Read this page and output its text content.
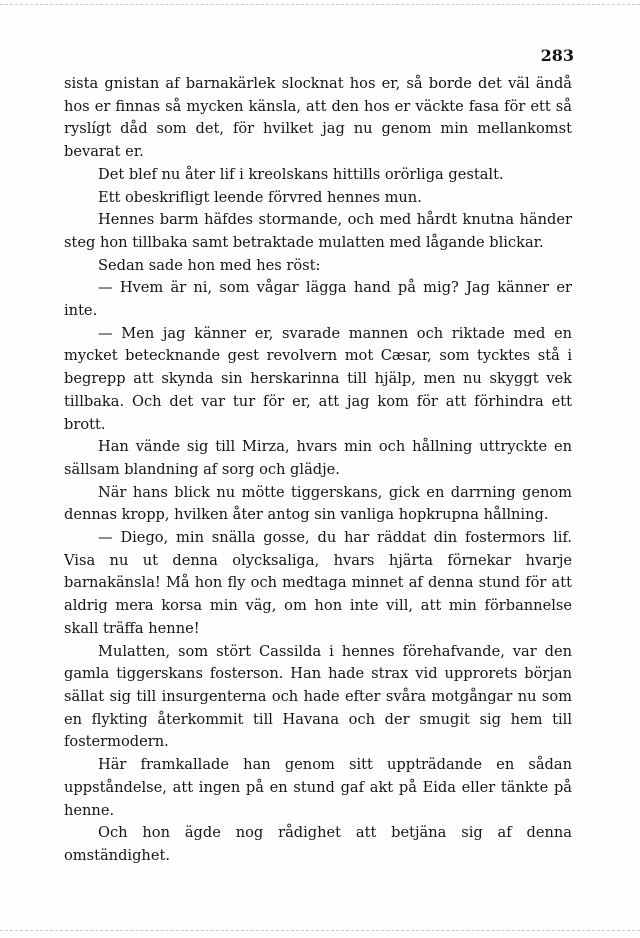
283

sista gnistan af barnakärlek slocknat hos er, så borde det väl ändå hos er finnas så mycken känsla, att den hos er väckte fasa för ett så ryslígt dåd som det, för hvilket jag nu genom min mellankomst bevarat er.

Det blef nu åter lif i kreolskans hittills orörliga gestalt.

Ett obeskrifligt leende förvred hennes mun.

Hennes barm häfdes stormande, och med hårdt knutna händer steg hon tillbaka samt betraktade mulatten med lågande blickar.

Sedan sade hon med hes röst:

— Hvem är ni, som vågar lägga hand på mig? Jag känner er inte.

— Men jag känner er, svarade mannen och riktade med en mycket betecknande gest revolvern mot Cæsar, som tycktes stå i begrepp att skynda sin herskarinna till hjälp, men nu skyggt vek tillbaka. Och det var tur för er, att jag kom för att förhindra ett brott.

Han vände sig till Mirza, hvars min och hållning uttryckte en sällsam blandning af sorg och glädje.

När hans blick nu mötte tiggerskans, gick en darrning genom dennas kropp, hvilken åter antog sin vanliga hopkrupna hållning.

— Diego, min snälla gosse, du har räddat din fostermors lif. Visa nu ut denna olycksaliga, hvars hjärta förnekar hvarje barnakänsla! Må hon fly och medtaga minnet af denna stund för att aldrig mera korsa min väg, om hon inte vill, att min förbannelse skall träffa henne!

Mulatten, som stört Cassilda i hennes förehafvande, var den gamla tiggerskans fosterson. Han hade strax vid upprorets början sällat sig till insurgenterna och hade efter svåra motgångar nu som en flykting återkommit till Havana och der smugit sig hem till fostermodern.

Här framkallade han genom sitt uppträdande en sådan uppståndelse, att ingen på en stund gaf akt på Eida eller tänkte på henne.

Och hon ägde nog rådighet att betjäna sig af denna omständighet.
